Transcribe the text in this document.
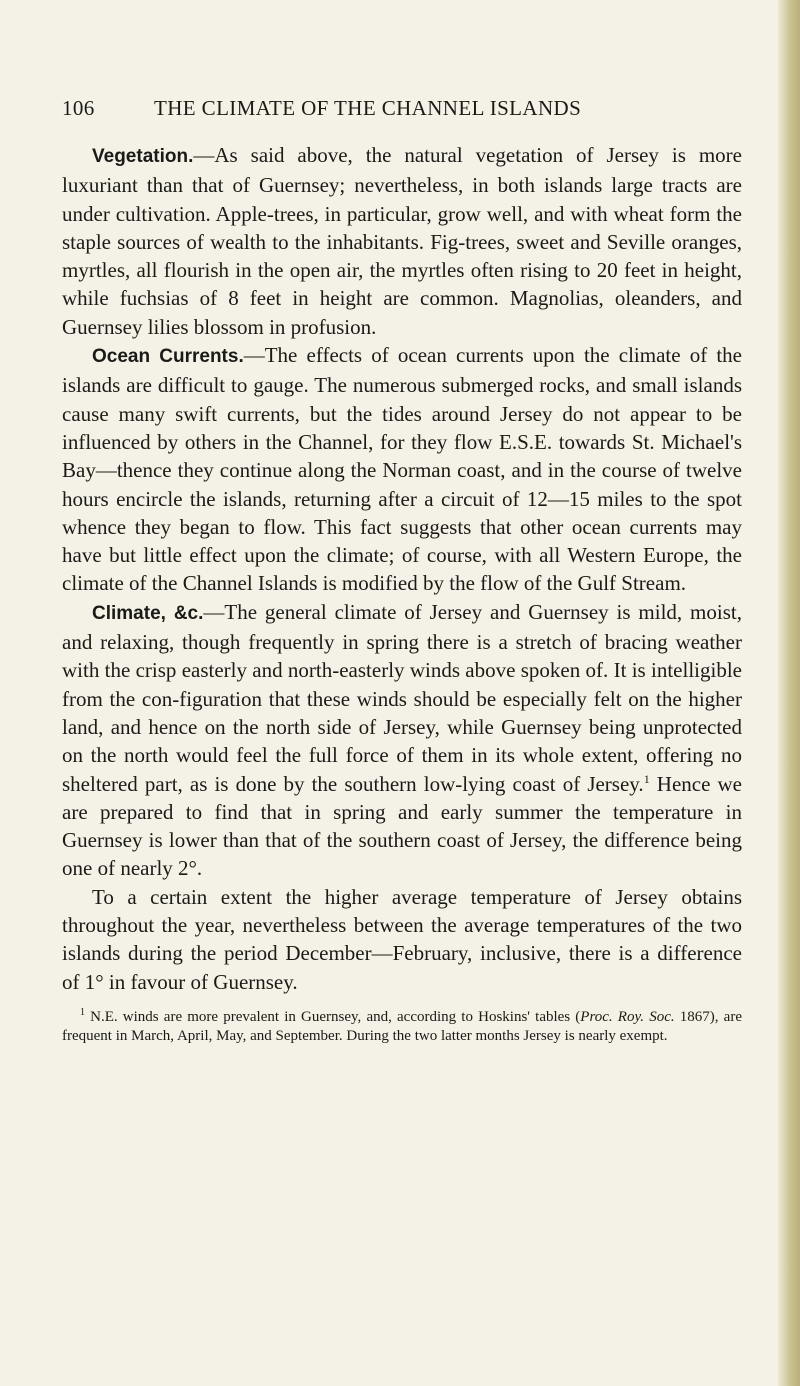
106	THE CLIMATE OF THE CHANNEL ISLANDS

Vegetation.—As said above, the natural vegetation of Jersey is more luxuriant than that of Guernsey; nevertheless, in both islands large tracts are under cultivation. Apple-trees, in particular, grow well, and with wheat form the staple sources of wealth to the inhabitants. Fig-trees, sweet and Seville oranges, myrtles, all flourish in the open air, the myrtles often rising to 20 feet in height, while fuchsias of 8 feet in height are common. Magnolias, oleanders, and Guernsey lilies blossom in profusion.

Ocean Currents.—The effects of ocean currents upon the climate of the islands are difficult to gauge. The numerous submerged rocks, and small islands cause many swift currents, but the tides around Jersey do not appear to be influenced by others in the Channel, for they flow E.S.E. towards St. Michael's Bay—thence they continue along the Norman coast, and in the course of twelve hours encircle the islands, returning after a circuit of 12—15 miles to the spot whence they began to flow. This fact suggests that other ocean currents may have but little effect upon the climate; of course, with all Western Europe, the climate of the Channel Islands is modified by the flow of the Gulf Stream.

Climate, &c.—The general climate of Jersey and Guernsey is mild, moist, and relaxing, though frequently in spring there is a stretch of bracing weather with the crisp easterly and north-easterly winds above spoken of. It is intelligible from the con-figuration that these winds should be especially felt on the higher land, and hence on the north side of Jersey, while Guernsey being unprotected on the north would feel the full force of them in its whole extent, offering no sheltered part, as is done by the southern low-lying coast of Jersey.$^1$ Hence we are prepared to find that in spring and early summer the temperature in Guernsey is lower than that of the southern coast of Jersey, the difference being one of nearly 2°.

To a certain extent the higher average temperature of Jersey obtains throughout the year, nevertheless between the average temperatures of the two islands during the period December—February, inclusive, there is a difference of 1° in favour of Guernsey.

$^1$ N.E. winds are more prevalent in Guernsey, and, according to Hoskins' tables (Proc. Roy. Soc. 1867), are frequent in March, April, May, and September. During the two latter months Jersey is nearly exempt.
